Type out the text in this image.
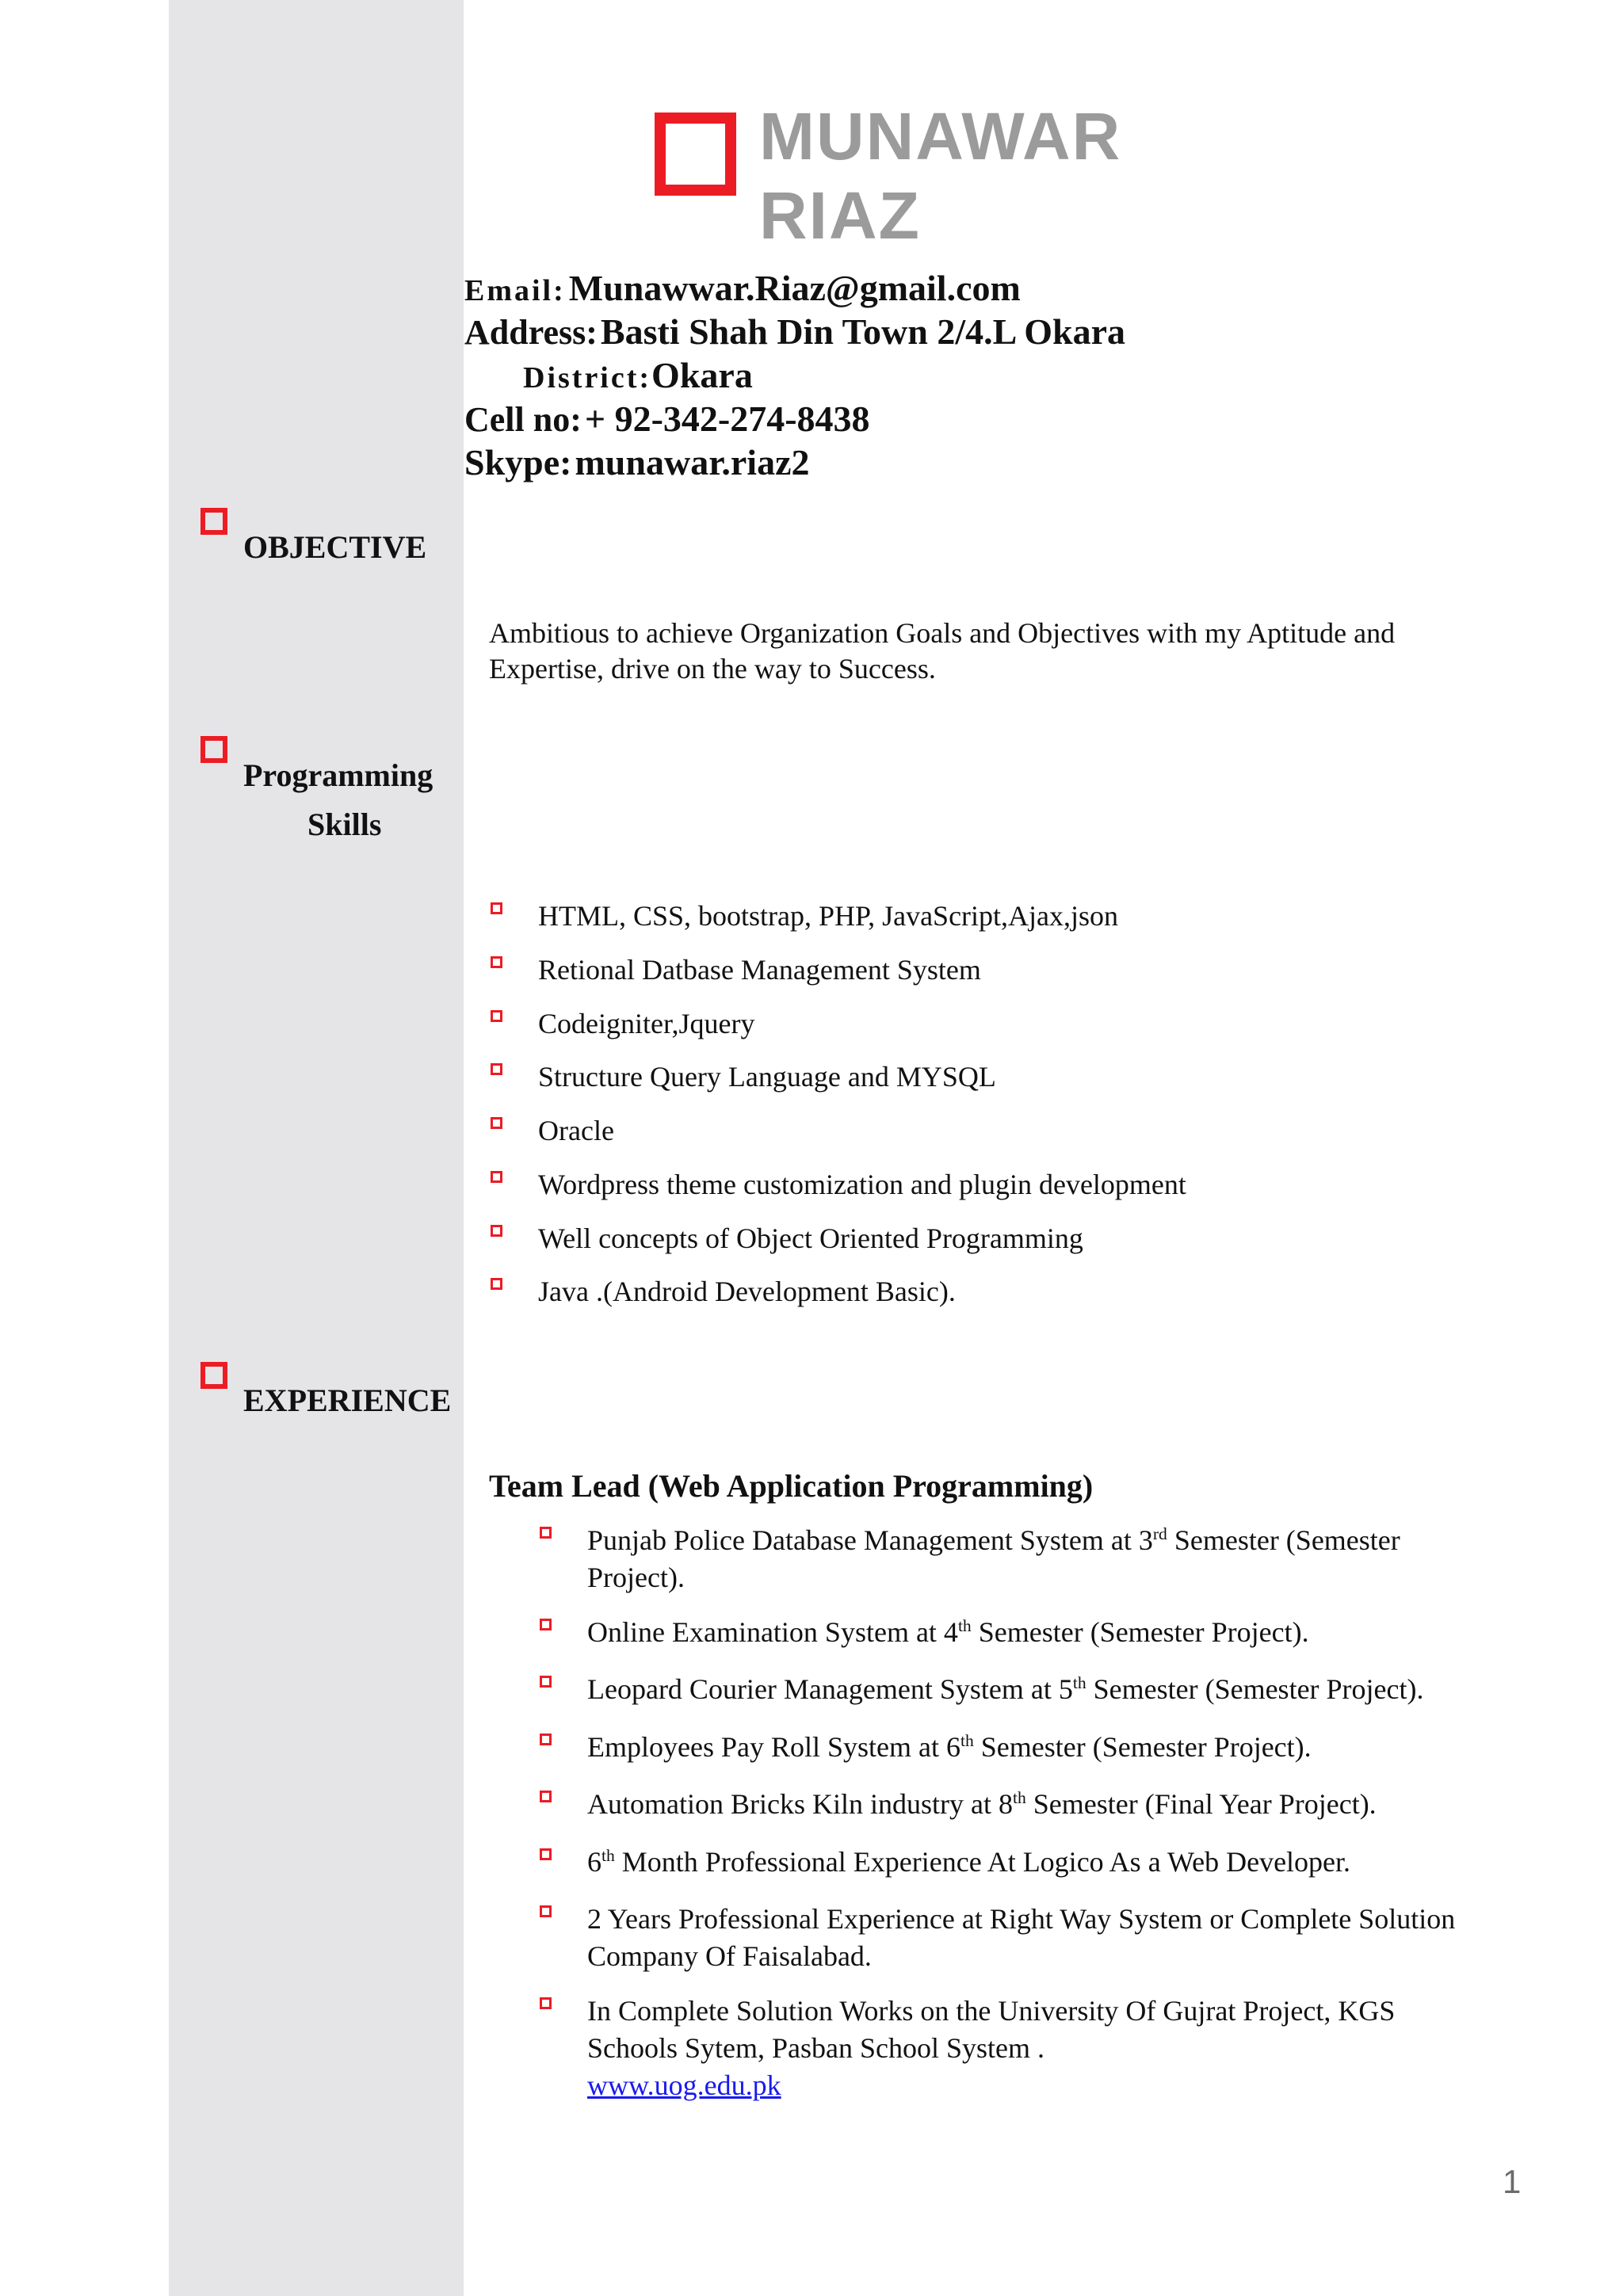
MUNAWAR
RIAZ
Email: Munawwar.Riaz@gmail.com
Address: Basti Shah Din Town 2/4.L Okara
District:Okara
Cell no: + 92-342-274-8438
Skype: munawar.riaz2
OBJECTIVE
Ambitious to achieve Organization Goals and Objectives with my Aptitude and
Expertise, drive on the way to Success.
Programming
Skills
HTML, CSS, bootstrap, PHP, JavaScript,Ajax,json
Retional Datbase Management System
Codeigniter,Jquery
Structure Query Language and MYSQL
Oracle
Wordpress theme customization and plugin development
Well concepts of Object Oriented Programming
Java .(Android Development Basic).
EXPERIENCE
Team Lead (Web Application Programming)
Punjab Police Database Management System at 3rd Semester (Semester
Project).
Online Examination System at 4th Semester (Semester Project).
Leopard Courier Management System at 5th Semester (Semester Project).
Employees Pay Roll System at 6th Semester (Semester Project).
Automation Bricks Kiln industry at 8th Semester (Final Year Project).
6th Month Professional Experience At Logico As a Web Developer.
2 Years Professional Experience at Right Way System or Complete Solution
Company Of Faisalabad.
In Complete Solution Works on the University Of Gujrat Project, KGS
Schools Sytem, Pasban School System .
www.uog.edu.pk
1
